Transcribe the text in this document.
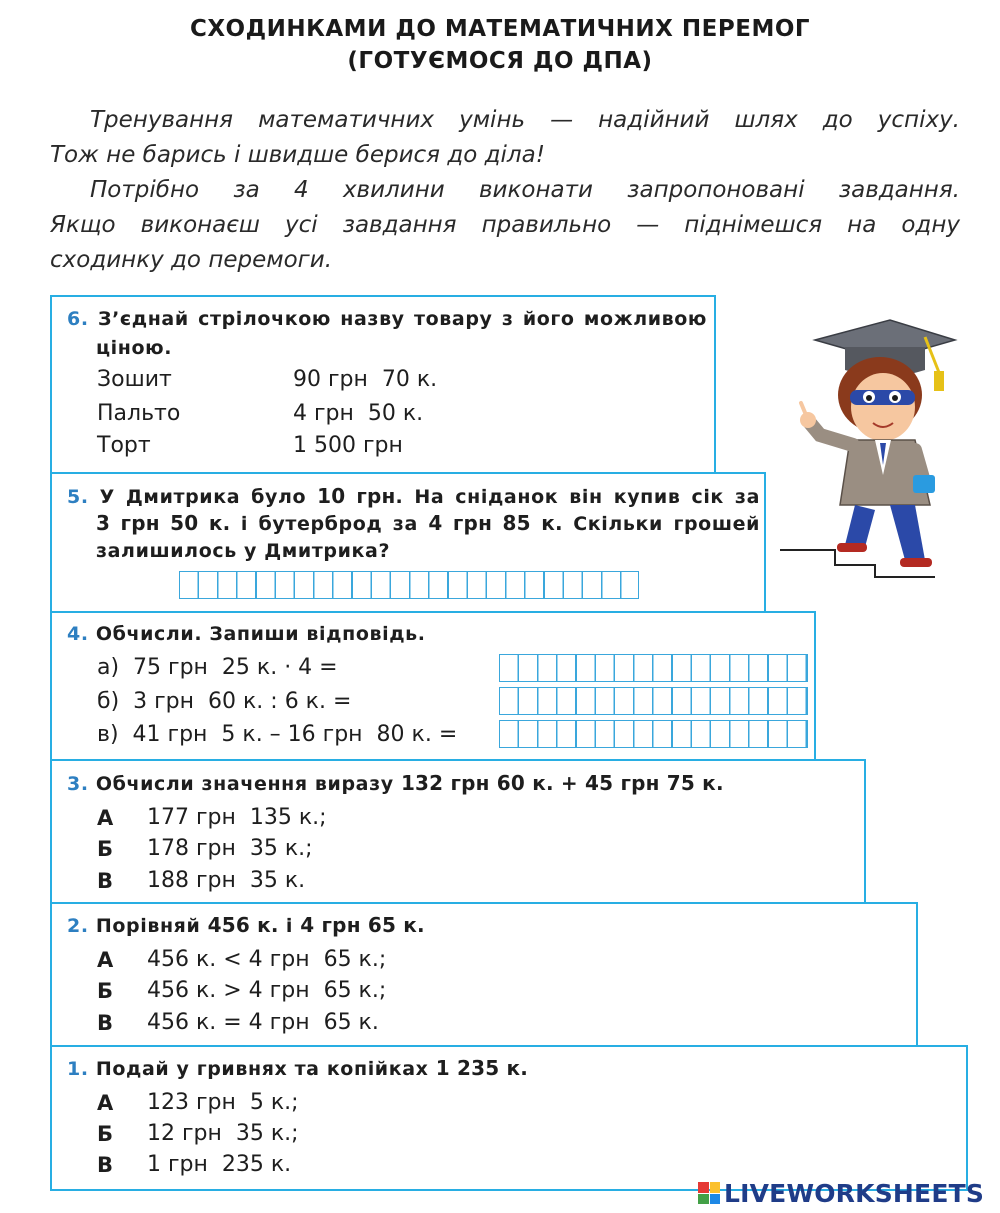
СХОДИНКАМИ ДО МАТЕМАТИЧНИХ ПЕРЕМОГ
(ГОТУЄМОСЯ ДО ДПА)

Тренування математичних умінь — надійний шлях до успіху.

Тож не барись і швидше берися до діла!

Потрібно за 4 хвилини виконати запропоновані завдання.

Якщо виконаєш усі завдання правильно — піднімешся на одну

сходинку до перемоги.

6. З’єднай стрілочкою назву товару з його можливою
ціною.
Зошит
Пальто
Торт
90 грн  70 к.
4 грн  50 к.
1 500 грн
5. У Дмитрика було 10 грн. На сніданок він купив сік за
3 грн 50 к. і бутерброд за 4 грн 85 к. Скільки грошей
залишилось у Дмитрика?
4. Обчисли. Запиши відповідь.
а)  75 грн  25 к. · 4 =
б)  3 грн  60 к. : 6 к. =
в)  41 грн  5 к. – 16 грн  80 к. =
3. Обчисли значення виразу 132 грн 60 к. + 45 грн 75 к.
А
Б
В
177 грн  135 к.;
178 грн  35 к.;
188 грн  35 к.
2. Порівняй 456 к. і 4 грн 65 к.
А
Б
В
456 к. < 4 грн  65 к.;
456 к. > 4 грн  65 к.;
456 к. = 4 грн  65 к.
1. Подай у гривнях та копійках 1 235 к.
А
Б
В
123 грн  5 к.;
12 грн  35 к.;
1 грн  235 к.
LIVEWORKSHEETS
